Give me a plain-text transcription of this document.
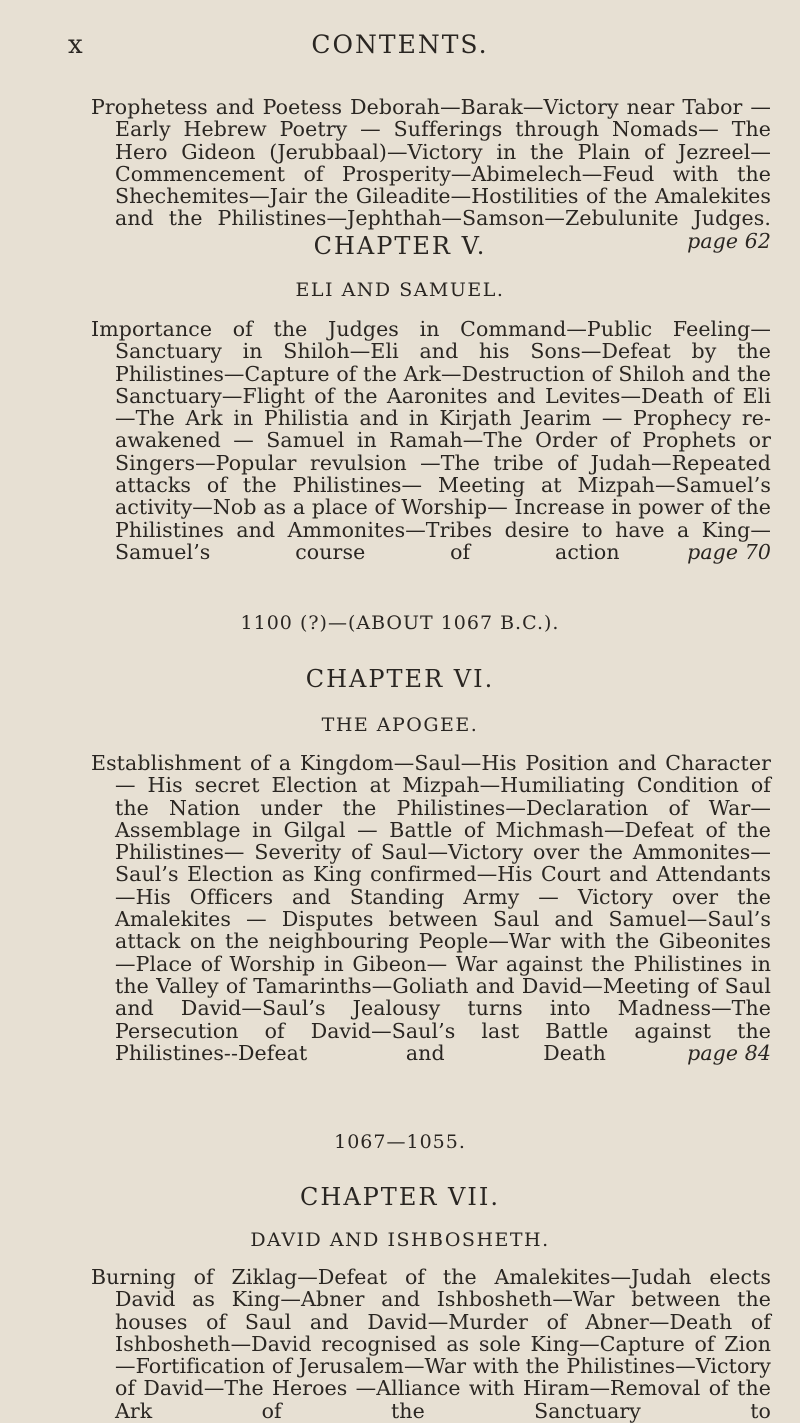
CONTENTS.
x
Prophetess and Poetess Deborah—Barak—Victory near Tabor —Early Hebrew Poetry — Sufferings through Nomads— The Hero Gideon (Jerubbaal)—Victory in the Plain of Jezreel—Commencement of Prosperity—Abimelech—Feud with the Shechemites—Jair the Gileadite—Hostilities of the Amalekites and the Philistines—Jephthah—Samson—Zebulunite Judges.
page 62
CHAPTER V.
ELI AND SAMUEL.
Importance of the Judges in Command—Public Feeling—Sanctuary in Shiloh—Eli and his Sons—Defeat by the Philistines—Capture of the Ark—Destruction of Shiloh and the Sanctuary—Flight of the Aaronites and Levites—Death of Eli—The Ark in Philistia and in Kirjath Jearim — Prophecy re-awakened — Samuel in Ramah—The Order of Prophets or Singers—Popular revulsion —The tribe of Judah—Repeated attacks of the Philistines— Meeting at Mizpah—Samuel’s activity—Nob as a place of Worship— Increase in power of the Philistines and Ammonites—Tribes desire to have a King—Samuel’s course of action .
page 70
1100 (?)—(ABOUT 1067 B.C.).
CHAPTER VI.
THE APOGEE.
Establishment of a Kingdom—Saul—His Position and Character— His secret Election at Mizpah—Humiliating Condition of the Nation under the Philistines—Declaration of War—Assemblage in Gilgal — Battle of Michmash—Defeat of the Philistines— Severity of Saul—Victory over the Ammonites—Saul’s Election as King confirmed—His Court and Attendants—His Officers and Standing Army — Victory over the Amalekites — Disputes between Saul and Samuel—Saul’s attack on the neighbouring People—War with the Gibeonites—Place of Worship in Gibeon— War against the Philistines in the Valley of Tamarinths—Goliath and David—Meeting of Saul and David—Saul’s Jealousy turns into Madness—The Persecution of David—Saul’s last Battle against the Philistines--Defeat and Death .
page 84
1067—1055.
CHAPTER VII.
DAVID AND ISHBOSHETH.
Burning of Ziklag—Defeat of the Amalekites—Judah elects David as King—Abner and Ishbosheth—War between the houses of Saul and David—Murder of Abner—Death of Ishbosheth—David recognised as sole King—Capture of Zion—Fortification of Jerusalem—War with the Philistines—Victory of David—The Heroes —Alliance with Hiram—Removal of the Ark of the Sanctuary to
